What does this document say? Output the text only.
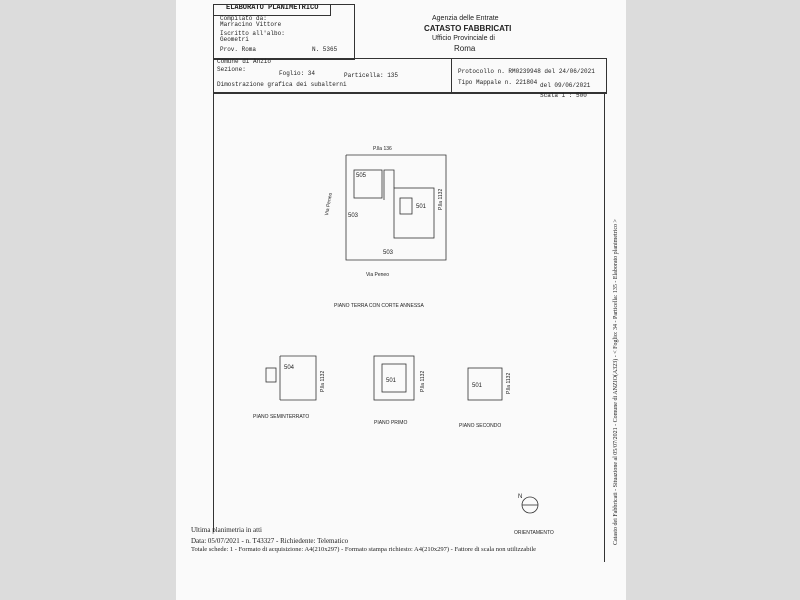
ELABORATO PLANIMETRICO
Compilato da:
Marracino Vittore
Iscritto all'albo:
Geometri
Prov. Roma	N. 5365
Agenzia delle Entrate
CATASTO FABBRICATI
Ufficio Provinciale di
Roma
Comune di Anzio
Sezione:
Foglio: 34	Particella: 135
Protocollo n. RM0239948 del 24/06/2021
Tipo Mappale n. 221804 del 09/06/2021
Dimostrazione grafica dei subalterni
Scala 1 : 500
P.lla 136
P.lla 1132
Via Peneo 503
505
501
503
Via Peneo
PIANO TERRA CON CORTE ANNESSA
504
P.lla 1132
PIANO SEMINTERRATO
501	P.lla 1132
PIANO PRIMO
501	P.lla 1132
PIANO SECONDO
N
ORIENTAMENTO
Ultima planimetria in atti
Data: 05/07/2021 - n. T43327 - Richiedente: Telematico
Totale schede: 1 - Formato di acquisizione: A4(210x297) - Formato stampa richiesto: A4(210x297) - Fattore di scala non utilizzabile
Catasto dei Fabbricati - Situazione al 05/07/2021 - Comune di ANZIO(A323) - < Foglio: 34 - Particella: 135 - Elaborato planimetrico >
